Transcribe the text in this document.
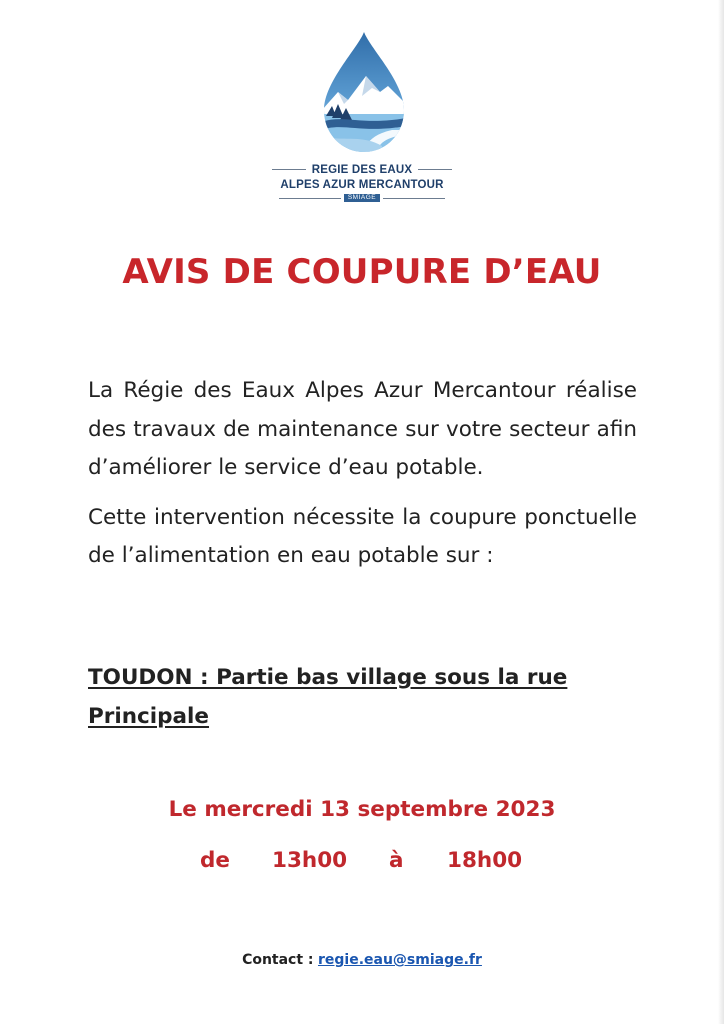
REGIE DES EAUX
ALPES AZUR MERCANTOUR
SMIAGE
AVIS DE COUPURE D’EAU

La Régie des Eaux Alpes Azur Mercantour réalise des travaux de maintenance sur votre secteur afin d’améliorer le service d’eau potable.

Cette intervention nécessite la coupure ponctuelle de l’alimentation en eau potable sur :

TOUDON : Partie bas village sous la rue Principale
Le mercredi 13 septembre 2023
de 13h00 à 18h00
Contact : regie.eau@smiage.fr
